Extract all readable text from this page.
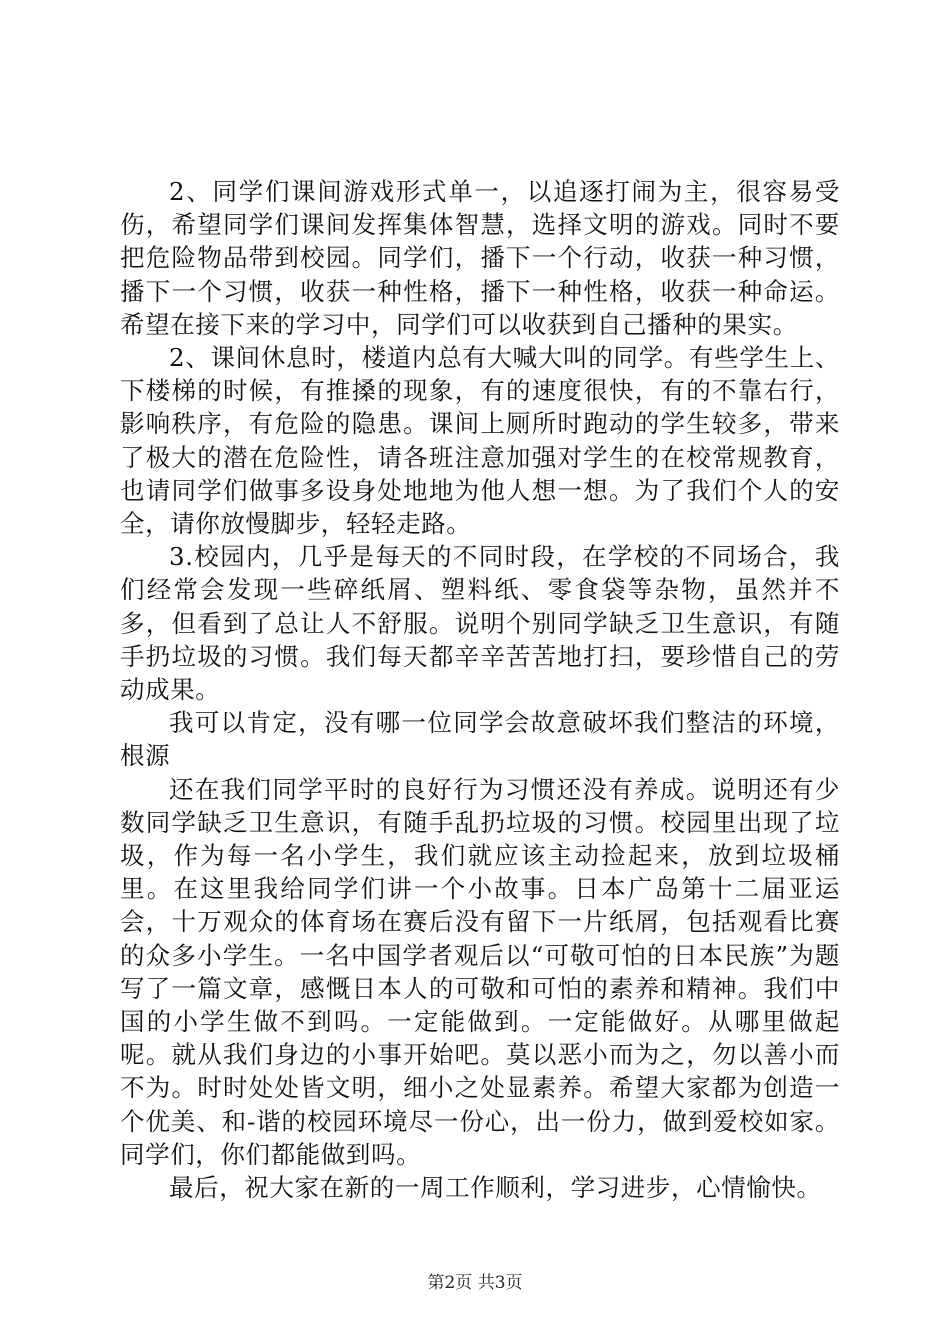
2、同学们课间游戏形式单一，以追逐打闹为主，很容易受伤，希望同学们课间发挥集体智慧，选择文明的游戏。同时不要把危险物品带到校园。同学们，播下一个行动，收获一种习惯，播下一个习惯，收获一种性格，播下一种性格，收获一种命运。希望在接下来的学习中，同学们可以收获到自己播种的果实。

2、课间休息时，楼道内总有大喊大叫的同学。有些学生上、下楼梯的时候，有推搡的现象，有的速度很快，有的不靠右行，影响秩序，有危险的隐患。课间上厕所时跑动的学生较多，带来了极大的潜在危险性，请各班注意加强对学生的在校常规教育，也请同学们做事多设身处地地为他人想一想。为了我们个人的安全，请你放慢脚步，轻轻走路。

3.校园内，几乎是每天的不同时段，在学校的不同场合，我们经常会发现一些碎纸屑、塑料纸、零食袋等杂物，虽然并不多，但看到了总让人不舒服。说明个别同学缺乏卫生意识，有随手扔垃圾的习惯。我们每天都辛辛苦苦地打扫，要珍惜自己的劳动成果。

我可以肯定，没有哪一位同学会故意破坏我们整洁的环境，根源

还在我们同学平时的良好行为习惯还没有养成。说明还有少数同学缺乏卫生意识，有随手乱扔垃圾的习惯。校园里出现了垃圾，作为每一名小学生，我们就应该主动捡起来，放到垃圾桶里。在这里我给同学们讲一个小故事。日本广岛第十二届亚运会，十万观众的体育场在赛后没有留下一片纸屑，包括观看比赛的众多小学生。一名中国学者观后以“可敬可怕的日本民族”为题写了一篇文章，感慨日本人的可敬和可怕的素养和精神。我们中国的小学生做不到吗。一定能做到。一定能做好。从哪里做起呢。就从我们身边的小事开始吧。莫以恶小而为之，勿以善小而不为。时时处处皆文明，细小之处显素养。希望大家都为创造一个优美、和-谐的校园环境尽一份心，出一份力，做到爱校如家。同学们，你们都能做到吗。

最后，祝大家在新的一周工作顺利，学习进步，心情愉快。

第2页 共3页
